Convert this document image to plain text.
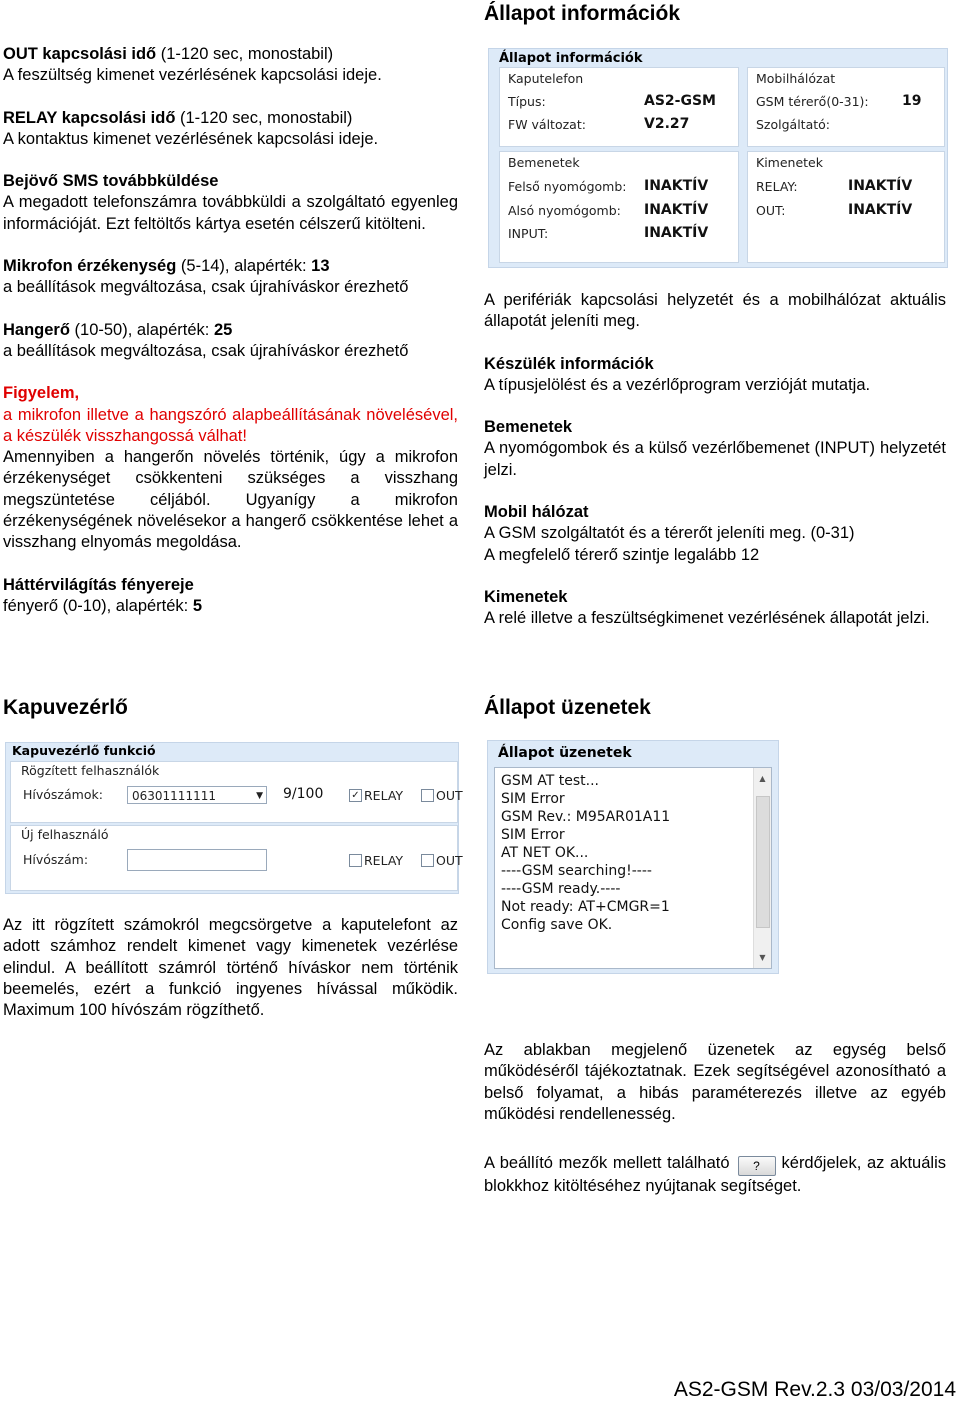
OUT kapcsolási idő (1-120 sec, monostabil)
A feszültség kimenet vezérlésének kapcsolási ideje.

RELAY kapcsolási idő (1-120 sec, monostabil)
A kontaktus kimenet vezérlésének kapcsolási ideje.

Bejövő SMS továbbküldése
A megadott telefonszámra továbbküldi a szolgáltató egyenleg információját. Ezt feltöltős kártya esetén célszerű kitölteni.

Mikrofon érzékenység (5-14), alapérték: 13
a beállítások megváltozása, csak újrahíváskor érezhető

Hangerő (10-50), alapérték: 25
a beállítások megváltozása, csak újrahíváskor érezhető

Figyelem,
a mikrofon illetve a hangszóró alapbeállításának növelésével, a készülék visszhangossá válhat!
Amennyiben a hangerőn növelés történik, úgy a mikrofon érzékenységet csökkenteni szükséges a visszhang megszüntetése céljából. Ugyanígy a mikrofon érzékenységének növelésekor a hangerő csökkentése lehet a visszhang elnyomás megoldása.

Háttérvilágítás fényereje
fényerő (0-10), alapérték: 5

Állapot információk
Kapuvezérlő	Állapot üzenetek
Állapot információk
Kaputelefon
Típus:	AS2-GSM
FW változat:	V2.27
Mobilhálózat
GSM térerő(0-31): 19
Szolgáltató:
Bemenetek
Felső nyomógomb: INAKTÍV
Alsó nyomógomb: INAKTÍV
INPUT:	INAKTÍV
Kimenetek
RELAY:	INAKTÍV
OUT:	INAKTÍV

A perifériák kapcsolási helyzetét és a mobilhálózat aktuális állapotát jeleníti meg.

Készülék információk
A típusjelölést és a vezérlőprogram verzióját mutatja.

Bemenetek
A nyomógombok és a külső vezérlőbemenet (INPUT) helyzetét jelzi.

Mobil hálózat
A GSM szolgáltatót és a térerőt jeleníti meg. (0-31)
A megfelelő térerő szintje legalább 12

Kimenetek
A relé illetve a feszültségkimenet vezérlésének állapotát jelzi.

Kapuvezérlő funkció
Rögzített felhasználók
Hívószámok:	06301111111	▼ 9/100	✓ RELAY	OUT
Új felhasználó
Hívószám:	RELAY	OUT

Az itt rögzített számokról megcsörgetve a kaputelefont az adott számhoz rendelt kimenet vagy kimenetek vezérlése elindul. A beállított számról történő híváskor nem történik beemelés, ezért a funkció ingyenes hívással működik. Maximum 100 hívószám rögzíthető.

Állapot üzenetek
GSM AT test...
SIM Error
GSM Rev.: M95AR01A11
SIM Error
AT NET OK...
----GSM searching!----
----GSM ready.----
Not ready: AT+CMGR=1
Config save OK.
▲
▼

Az ablakban megjelenő üzenetek az egység belső működéséről tájékoztatnak. Ezek segítségével azonosítható a belső folyamat, a hibás paraméterezés illetve az egyéb működési rendellenesség.

A beállító mezők mellett található ? kérdőjelek, az aktuális blokkhoz kitöltéséhez nyújtanak segítséget.

AS2-GSM Rev.2.3 03/03/2014
